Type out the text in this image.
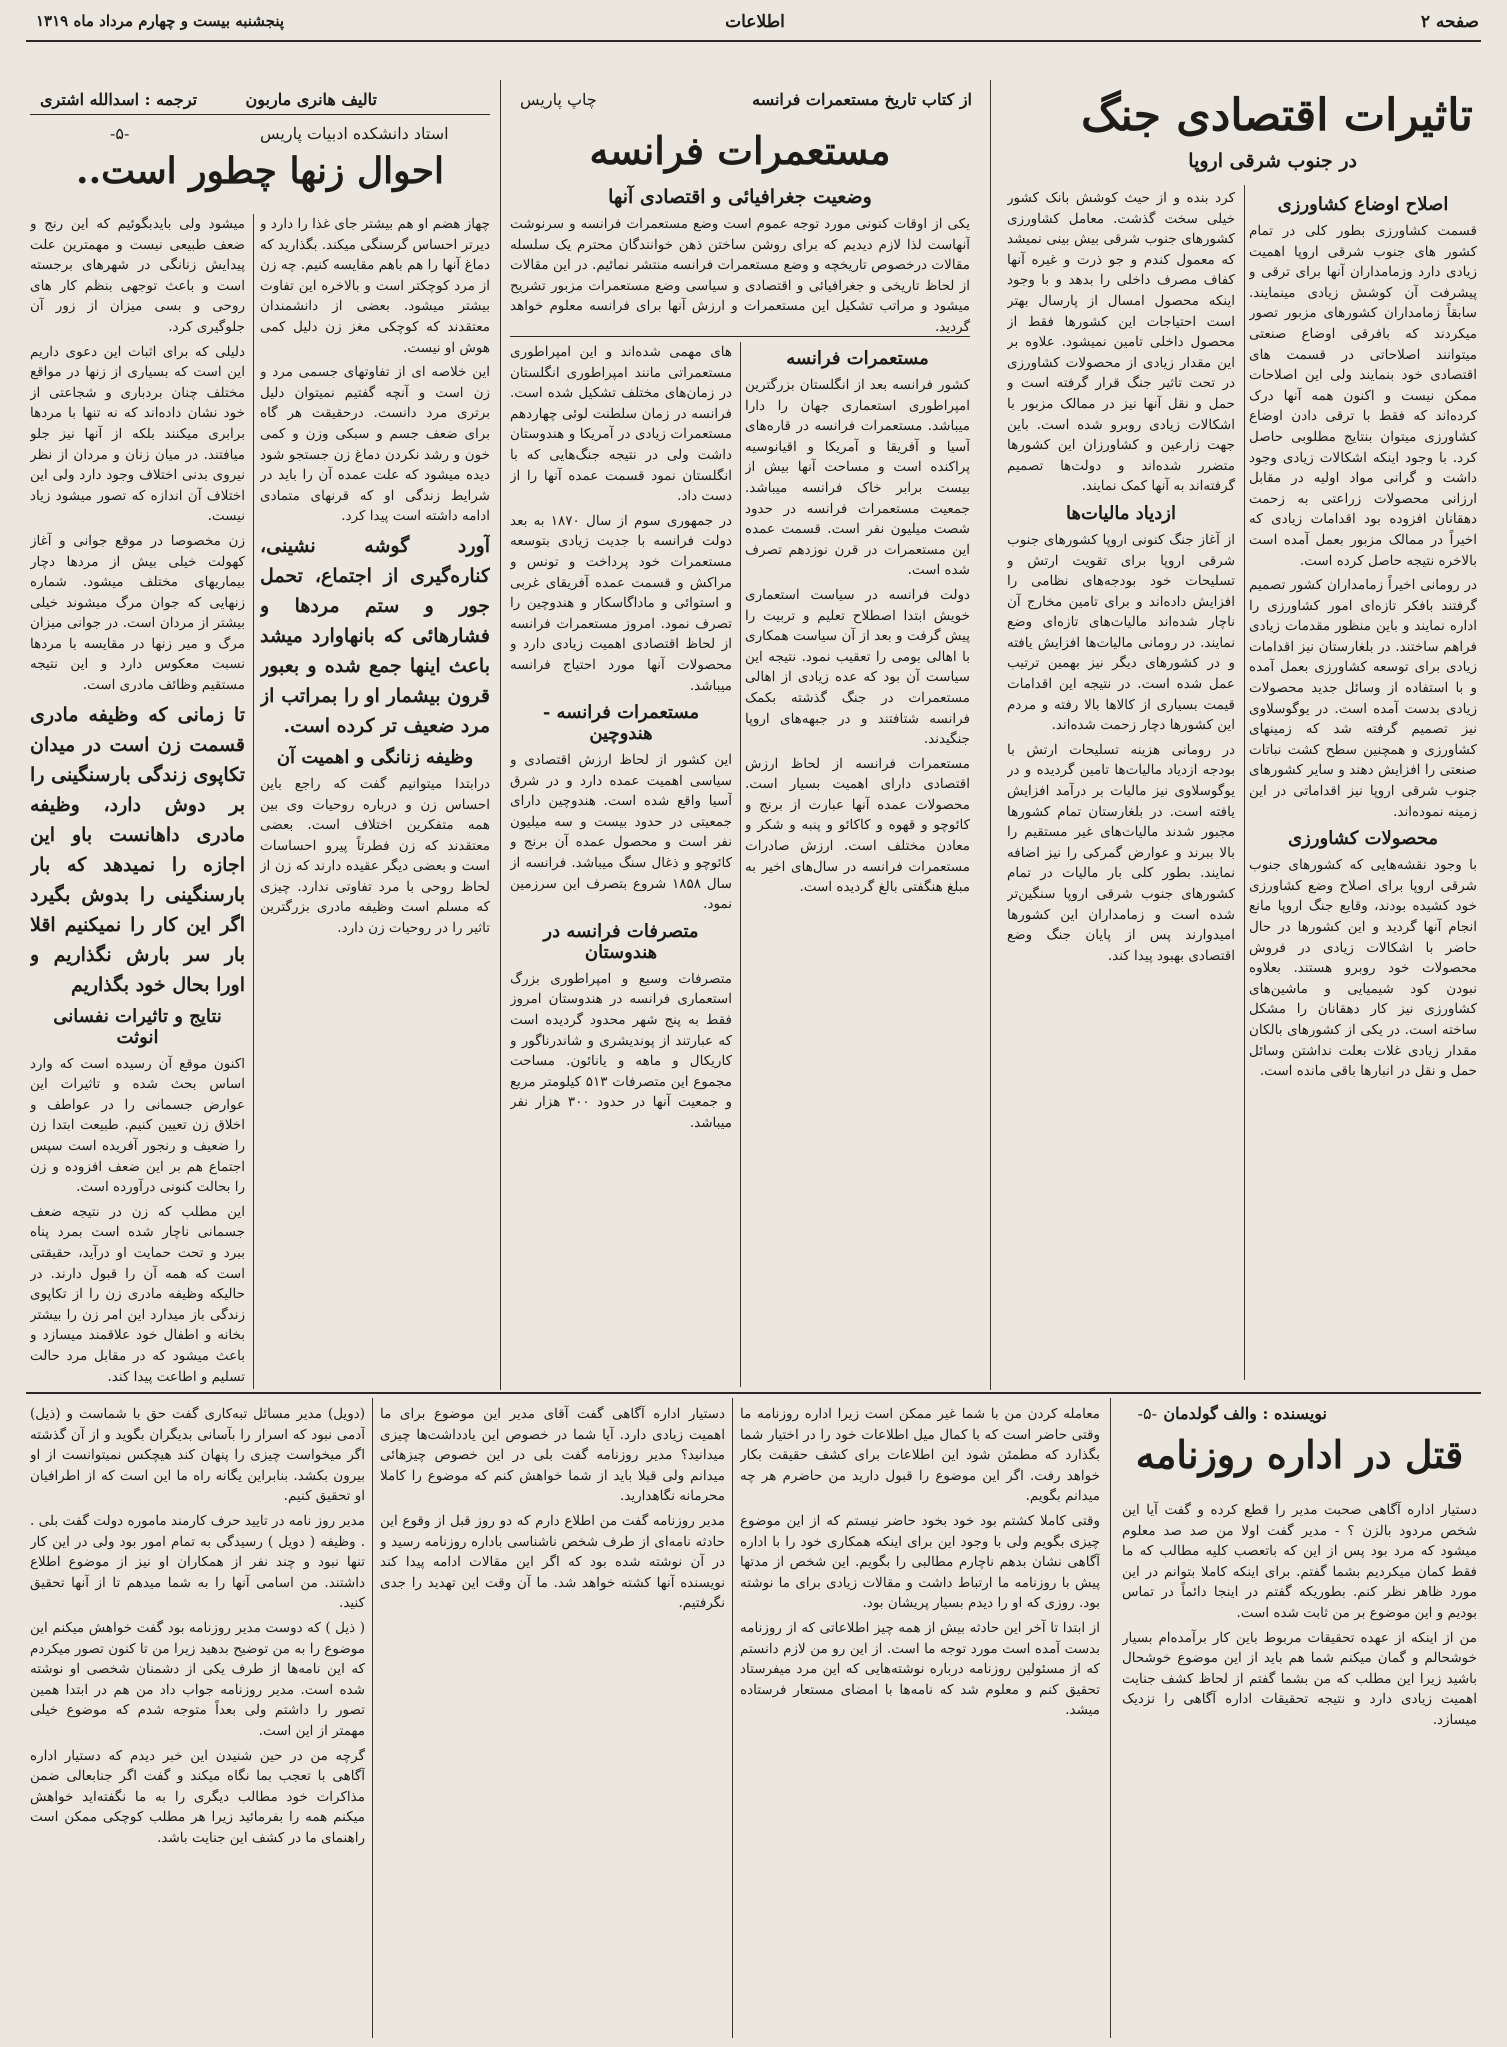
صفحه ۲
اطلاعات
پنجشنبه بیست و چهارم مرداد ماه ۱۳۱۹
تاثیرات اقتصادی جنگ
در جنوب شرقی اروپا
اصلاح اوضاع کشاورزی

قسمت کشاورزی بطور کلی در تمام کشور های جنوب شرقی اروپا اهمیت زیادی دارد وزمامداران آنها برای ترقی و پیشرفت آن کوشش زیادی مینمایند. سابقاً زمامداران کشورهای مزبور تصور میکردند که بافرقی اوضاع صنعتی میتوانند اصلاحاتی در قسمت های اقتصادی خود بنمایند ولی این اصلاحات ممکن نیست و اکنون همه آنها درک کرده‌اند که فقط با ترقی دادن اوضاع کشاورزی میتوان بنتایج مطلوبی حاصل کرد. با وجود اینکه اشکالات زیادی وجود داشت و گرانی مواد اولیه در مقابل ارزانی محصولات زراعتی به زحمت دهقانان افزوده بود اقدامات زیادی که اخیراً در ممالک مزبور بعمل آمده است بالاخره نتیجه حاصل کرده است.

در رومانی اخیراً زمامداران کشور تصمیم گرفتند بافکر تازه‌ای امور کشاورزی را اداره نمایند و باین منظور مقدمات زیادی فراهم ساختند. در بلغارستان نیز اقدامات زیادی برای توسعه کشاورزی بعمل آمده و با استفاده از وسائل جدید محصولات زیادی بدست آمده است. در یوگوسلاوی نیز تصمیم گرفته شد که زمینهای کشاورزی و همچنین سطح کشت نباتات صنعتی را افزایش دهند و سایر کشورهای جنوب شرقی اروپا نیز اقداماتی در این زمینه نموده‌اند.

محصولات کشاورزی

با وجود نقشه‌هایی که کشورهای جنوب شرقی اروپا برای اصلاح وضع کشاورزی خود کشیده بودند، وقایع جنگ اروپا مانع انجام آنها گردید و این کشورها در حال حاضر با اشکالات زیادی در فروش محصولات خود روبرو هستند. بعلاوه نبودن کود شیمیایی و ماشین‌های کشاورزی نیز کار دهقانان را مشکل ساخته است. در یکی از کشورهای بالکان مقدار زیادی غلات بعلت نداشتن وسائل حمل و نقل در انبارها باقی مانده است.

کرد بنده و از حیث کوشش بانک کشور خیلی سخت گذشت. معامل کشاورزی کشورهای جنوب شرقی بیش بینی نمیشد که معمول کندم و جو ذرت و غیره آنها کفاف مصرف داخلی را بدهد و با وجود اینکه محصول امسال از پارسال بهتر است احتیاجات این کشورها فقط از محصول داخلی تامین نمیشود. علاوه بر این مقدار زیادی از محصولات کشاورزی در تحت تاثیر جنگ قرار گرفته است و حمل و نقل آنها نیز در ممالک مزبور با اشکالات زیادی روبرو شده است. باین جهت زارعین و کشاورزان این کشورها متضرر شده‌اند و دولت‌ها تصمیم گرفته‌اند به آنها کمک نمایند.

ازدیاد مالیات‌ها

از آغاز جنگ کنونی اروپا کشورهای جنوب شرقی اروپا برای تقویت ارتش و تسلیحات خود بودجه‌های نظامی را افزایش داده‌اند و برای تامین مخارج آن ناچار شده‌اند مالیات‌های تازه‌ای وضع نمایند. در رومانی مالیات‌ها افزایش یافته و در کشورهای دیگر نیز بهمین ترتیب عمل شده است. در نتیجه این اقدامات قیمت بسیاری از کالاها بالا رفته و مردم این کشورها دچار زحمت شده‌اند.

در رومانی هزینه تسلیحات ارتش با بودجه ازدیاد مالیات‌ها تامین گردیده و در یوگوسلاوی نیز مالیات بر درآمد افزایش یافته است. در بلغارستان تمام کشورها مجبور شدند مالیات‌های غیر مستقیم را بالا ببرند و عوارض گمرکی را نیز اضافه نمایند. بطور کلی بار مالیات در تمام کشورهای جنوب شرقی اروپا سنگین‌تر شده است و زمامداران این کشورها امیدوارند پس از پایان جنگ وضع اقتصادی بهبود پیدا کند.

از کتاب تاریخ مستعمرات فرانسه
چاپ پاریس
مستعمرات فرانسه
وضعیت جغرافیائی و اقتصادی آنها

یکی از اوقات کنونی مورد توجه عموم است وضع مستعمرات فرانسه و سرنوشت آنهاست لذا لازم دیدیم که برای روشن ساختن ذهن خوانندگان محترم یک سلسله مقالات درخصوص تاریخچه و وضع مستعمرات فرانسه منتشر نمائیم. در این مقالات از لحاظ تاریخی و جغرافیائی و اقتصادی و سیاسی وضع مستعمرات مزبور تشریح میشود و مراتب تشکیل این مستعمرات و ارزش آنها برای فرانسه معلوم خواهد گردید.

مستعمرات فرانسه

کشور فرانسه بعد از انگلستان بزرگترین امپراطوری استعماری جهان را دارا میباشد. مستعمرات فرانسه در قاره‌های آسیا و آفریقا و آمریکا و اقیانوسیه پراکنده است و مساحت آنها بیش از بیست برابر خاک فرانسه میباشد. جمعیت مستعمرات فرانسه در حدود شصت میلیون نفر است. قسمت عمده این مستعمرات در قرن نوزدهم تصرف شده است.

دولت فرانسه در سیاست استعماری خویش ابتدا اصطلاح تعلیم و تربیت را پیش گرفت و بعد از آن سیاست همکاری با اهالی بومی را تعقیب نمود. نتیجه این سیاست آن بود که عده زیادی از اهالی مستعمرات در جنگ گذشته بکمک فرانسه شتافتند و در جبهه‌های اروپا جنگیدند.

مستعمرات فرانسه از لحاظ ارزش اقتصادی دارای اهمیت بسیار است. محصولات عمده آنها عبارت از برنج و کائوچو و قهوه و کاکائو و پنبه و شکر و معادن مختلف است. ارزش صادرات مستعمرات فرانسه در سال‌های اخیر به مبلغ هنگفتی بالغ گردیده است.

های مهمی شده‌اند و این امپراطوری مستعمراتی مانند امپراطوری انگلستان در زمان‌های مختلف تشکیل شده است. فرانسه در زمان سلطنت لوئی چهاردهم مستعمرات زیادی در آمریکا و هندوستان داشت ولی در نتیجه جنگ‌هایی که با انگلستان نمود قسمت عمده آنها را از دست داد.

در جمهوری سوم از سال ۱۸۷۰ به بعد دولت فرانسه با جدیت زیادی بتوسعه مستعمرات خود پرداخت و تونس و مراکش و قسمت عمده آفریقای غربی و استوائی و ماداگاسکار و هندوچین را تصرف نمود. امروز مستعمرات فرانسه از لحاظ اقتصادی اهمیت زیادی دارد و محصولات آنها مورد احتیاج فرانسه میباشد.

مستعمرات فرانسه - هندوچین

این کشور از لحاظ ارزش اقتصادی و سیاسی اهمیت عمده دارد و در شرق آسیا واقع شده است. هندوچین دارای جمعیتی در حدود بیست و سه میلیون نفر است و محصول عمده آن برنج و کائوچو و ذغال سنگ میباشد. فرانسه از سال ۱۸۵۸ شروع بتصرف این سرزمین نمود.

متصرفات فرانسه در هندوستان

متصرفات وسیع و امپراطوری بزرگ استعماری فرانسه در هندوستان امروز فقط به پنج شهر محدود گردیده است که عبارتند از پوندیشری و شاندرناگور و کاریکال و ماهه و یانائون. مساحت مجموع این متصرفات ۵۱۳ کیلومتر مربع و جمعیت آنها در حدود ۳۰۰ هزار نفر میباشد.

تالیف هانری ماربون
ترجمه : اسدالله اشتری
-۵-	استاد دانشکده ادبیات پاریس
احوال زنها چطور است..

چهاز هضم او هم بیشتر جای غذا را دارد و دیرتر احساس گرسنگی میکند. بگذارید که دماغ آنها را هم باهم مقایسه کنیم. چه زن از مرد کوچکتر است و بالاخره این تفاوت بیشتر میشود. بعضی از دانشمندان معتقدند که کوچکی مغز زن دلیل کمی هوش او نیست.

این خلاصه ای از تفاوتهای جسمی مرد و زن است و آنچه گفتیم نمیتوان دلیل برتری مرد دانست. درحقیقت هر گاه برای ضعف جسم و سبکی وزن و کمی خون و رشد نکردن دماغ زن جستجو شود دیده میشود که علت عمده آن را باید در شرایط زندگی او که قرنهای متمادی ادامه داشته است پیدا کرد.

آورد گوشه نشینی، کناره‌گیری از اجتماع، تحمل جور و ستم مردها و فشارهائی که بانهاوارد میشد باعث اینها جمع شده و بعبور قرون بیشمار او را بمراتب از مرد ضعیف تر کرده است.

وظیفه زنانگی و اهمیت آن

درابتدا میتوانیم گفت که راجع باین احساس زن و درباره روحیات وی بین همه متفکرین اختلاف است. بعضی معتقدند که زن فطرتاً پیرو احساسات است و بعضی دیگر عقیده دارند که زن از لحاظ روحی با مرد تفاوتی ندارد. چیزی که مسلم است وظیفه مادری بزرگترین تاثیر را در روحیات زن دارد.

میشود ولی بایدبگوئیم که این رنج و ضعف طبیعی نیست و مهمترین علت پیدایش زنانگی در شهرهای برجسته است و باعث توجهی بنظم کار های روحی و بسی میزان از زور آن جلوگیری کرد.

دلیلی که برای اثبات این دعوی داریم این است که بسیاری از زنها در مواقع مختلف چنان بردباری و شجاعتی از خود نشان داده‌اند که نه تنها با مردها برابری میکنند بلکه از آنها نیز جلو میافتند. در میان زنان و مردان از نظر نیروی بدنی اختلاف وجود دارد ولی این اختلاف آن اندازه که تصور میشود زیاد نیست.

زن مخصوصا در موقع جوانی و آغاز کهولت خیلی بیش از مردها دچار بیماریهای مختلف میشود. شماره زنهایی که جوان مرگ میشوند خیلی بیشتر از مردان است. در جوانی میزان مرگ و میر زنها در مقایسه با مردها نسبت معکوس دارد و این نتیجه مستقیم وظائف مادری است.

تا زمانی که وظیفه مادری قسمت زن است در میدان تکاپوی زندگی بارسنگینی را بر دوش دارد، وظیفه مادری داهانست باو این اجازه را نمیدهد که بار بارسنگینی را بدوش بگیرد اگر این کار را نمیکنیم اقلا بار سر بارش نگذاریم و اورا بحال خود بگذاریم

نتایج و تاثیرات نفسانی انوثت

اکنون موقع آن رسیده است که وارد اساس بحث شده و تاثیرات این عوارض جسمانی را در عواطف و اخلاق زن تعیین کنیم. طبیعت ابتدا زن را ضعیف و رنجور آفریده است سپس اجتماع هم بر این ضعف افزوده و زن را بحالت کنونی درآورده است.

این مطلب که زن در نتیجه ضعف جسمانی ناچار شده است بمرد پناه ببرد و تحت حمایت او درآید، حقیقتی است که همه آن را قبول دارند. در حالیکه وظیفه مادری زن را از تکاپوی زندگی باز میدارد این امر زن را بیشتر بخانه و اطفال خود علاقمند میسازد و باعث میشود که در مقابل مرد حالت تسلیم و اطاعت پیدا کند.

نویسنده : والف گولدمان
-۵-
قتل در اداره روزنامه

دستیار اداره آگاهی صحبت مدیر را قطع کرده و گفت آیا این شخص مردود بالزن ؟ - مدیر گفت اولا من صد صد معلوم میشود که مرد بود پس از این که باتعصب کلیه مطالب که ما فقط کمان میکردیم بشما گفتم. برای اینکه کاملا بتوانم در این مورد ظاهر نظر کنم. بطوریکه گفتم در اینجا دائماً در تماس بودیم و این موضوع بر من ثابت شده است.

من از اینکه از عهده تحقیقات مربوط باین کار برآمده‌ام بسیار خوشحالم و گمان میکنم شما هم باید از این موضوع خوشحال باشید زیرا این مطلب که من بشما گفتم از لحاظ کشف جنایت اهمیت زیادی دارد و نتیجه تحقیقات اداره آگاهی را نزدیک میسازد.

معامله کردن من با شما غیر ممکن است زیرا اداره روزنامه ما وقتی حاضر است که با کمال میل اطلاعات خود را در اختیار شما بگذارد که مطمئن شود این اطلاعات برای کشف حقیقت بکار خواهد رفت. اگر این موضوع را قبول دارید من حاضرم هر چه میدانم بگویم.

وقتی کاملا کشتم بود خود بخود حاضر نیستم که از این موضوع چیزی بگویم ولی با وجود این برای اینکه همکاری خود را با اداره آگاهی نشان بدهم ناچارم مطالبی را بگویم. این شخص از مدتها پیش با روزنامه ما ارتباط داشت و مقالات زیادی برای ما نوشته بود. روزی که او را دیدم بسیار پریشان بود.

از ابتدا تا آخر این حادثه بیش از همه چیز اطلاعاتی که از روزنامه بدست آمده است مورد توجه ما است. از این رو من لازم دانستم که از مسئولین روزنامه درباره نوشته‌هایی که این مرد میفرستاد تحقیق کنم و معلوم شد که نامه‌ها با امضای مستعار فرستاده میشد.

دستیار اداره آگاهی گفت آقای مدیر این موضوع برای ما اهمیت زیادی دارد. آیا شما در خصوص این یادداشت‌ها چیزی میدانید؟ مدیر روزنامه گفت بلی در این خصوص چیزهائی میدانم ولی قبلا باید از شما خواهش کنم که موضوع را کاملا محرمانه نگاهدارید.

مدیر روزنامه گفت من اطلاع دارم که دو روز قبل از وقوع این حادثه نامه‌ای از طرف شخص ناشناسی باداره روزنامه رسید و در آن نوشته شده بود که اگر این مقالات ادامه پیدا کند نویسنده آنها کشته خواهد شد. ما آن وقت این تهدید را جدی نگرفتیم.

(دویل) مدیر مسائل تبه‌کاری گفت حق با شماست و (ذیل) آدمی نبود که اسرار را بآسانی بدیگران بگوید و از آن گذشته اگر میخواست چیزی را پنهان کند هیچکس نمیتوانست از او بیرون بکشد. بنابراین یگانه راه ما این است که از اطرافیان او تحقیق کنیم.

مدیر روز نامه در تایید حرف کارمند ماموره دولت گفت بلی . . وظیفه ( دویل ) رسیدگی به تمام امور بود ولی در این کار تنها نبود و چند نفر از همکاران او نیز از موضوع اطلاع داشتند. من اسامی آنها را به شما میدهم تا از آنها تحقیق کنید.

( ذیل ) که دوست مدیر روزنامه بود گفت خواهش میکنم این موضوع را به من توضیح بدهید زیرا من تا کنون تصور میکردم که این نامه‌ها از طرف یکی از دشمنان شخصی او نوشته شده است. مدیر روزنامه جواب داد من هم در ابتدا همین تصور را داشتم ولی بعداً متوجه شدم که موضوع خیلی مهمتر از این است.

گرچه من در حین شنیدن این خبر دیدم که دستیار اداره آگاهی با تعجب بما نگاه میکند و گفت اگر جنابعالی ضمن مذاکرات خود مطالب دیگری را به ما نگفته‌اید خواهش میکنم همه را بفرمائید زیرا هر مطلب کوچکی ممکن است راهنمای ما در کشف این جنایت باشد.
